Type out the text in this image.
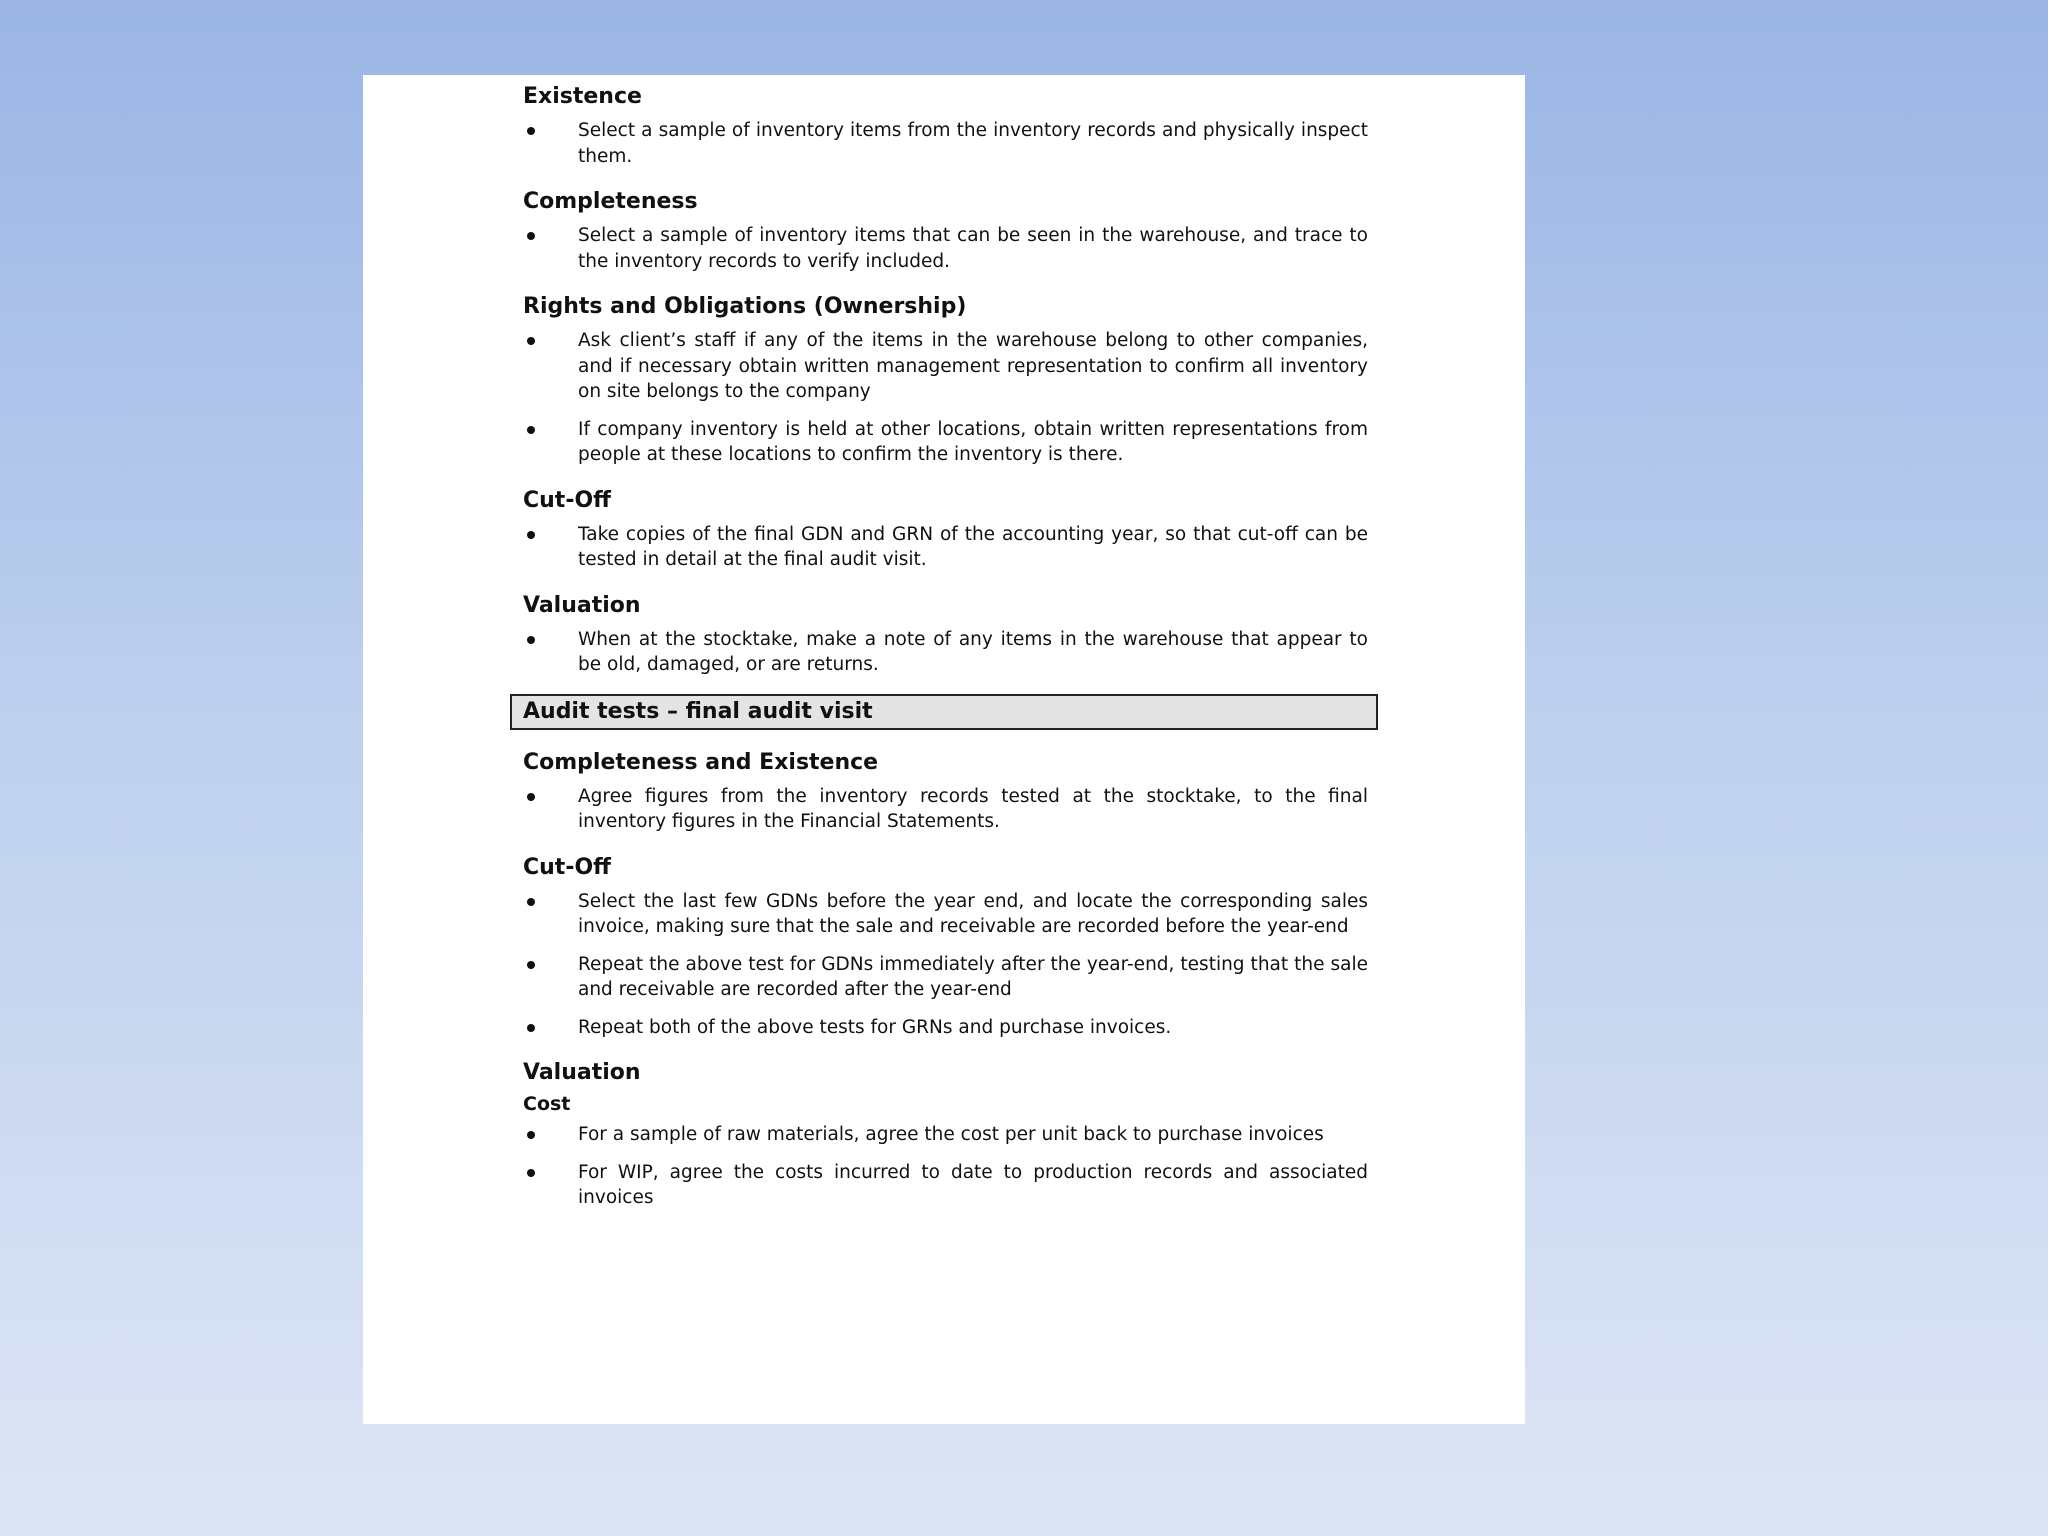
Existence
Select a sample of inventory items from the inventory records and physically inspect them.
Completeness
Select a sample of inventory items that can be seen in the warehouse, and trace to the inventory records to verify included.
Rights and Obligations (Ownership)
Ask client’s staff if any of the items in the warehouse belong to other companies, and if necessary obtain written management representation to confirm all inventory on site belongs to the company
If company inventory is held at other locations, obtain written representations from people at these locations to confirm the inventory is there.
Cut-Off
Take copies of the final GDN and GRN of the accounting year, so that cut-off can be tested in detail at the final audit visit.
Valuation
When at the stocktake, make a note of any items in the warehouse that appear to be old, damaged, or are returns.
Audit tests – final audit visit
Completeness and Existence
Agree figures from the inventory records tested at the stocktake, to the final inventory figures in the Financial Statements.
Cut-Off
Select the last few GDNs before the year end, and locate the corresponding sales invoice, making sure that the sale and receivable are recorded before the year-end
Repeat the above test for GDNs immediately after the year-end, testing that the sale and receivable are recorded after the year-end
Repeat both of the above tests for GRNs and purchase invoices.
Valuation
Cost
For a sample of raw materials, agree the cost per unit back to purchase invoices
For WIP, agree the costs incurred to date to production records and associated invoices
